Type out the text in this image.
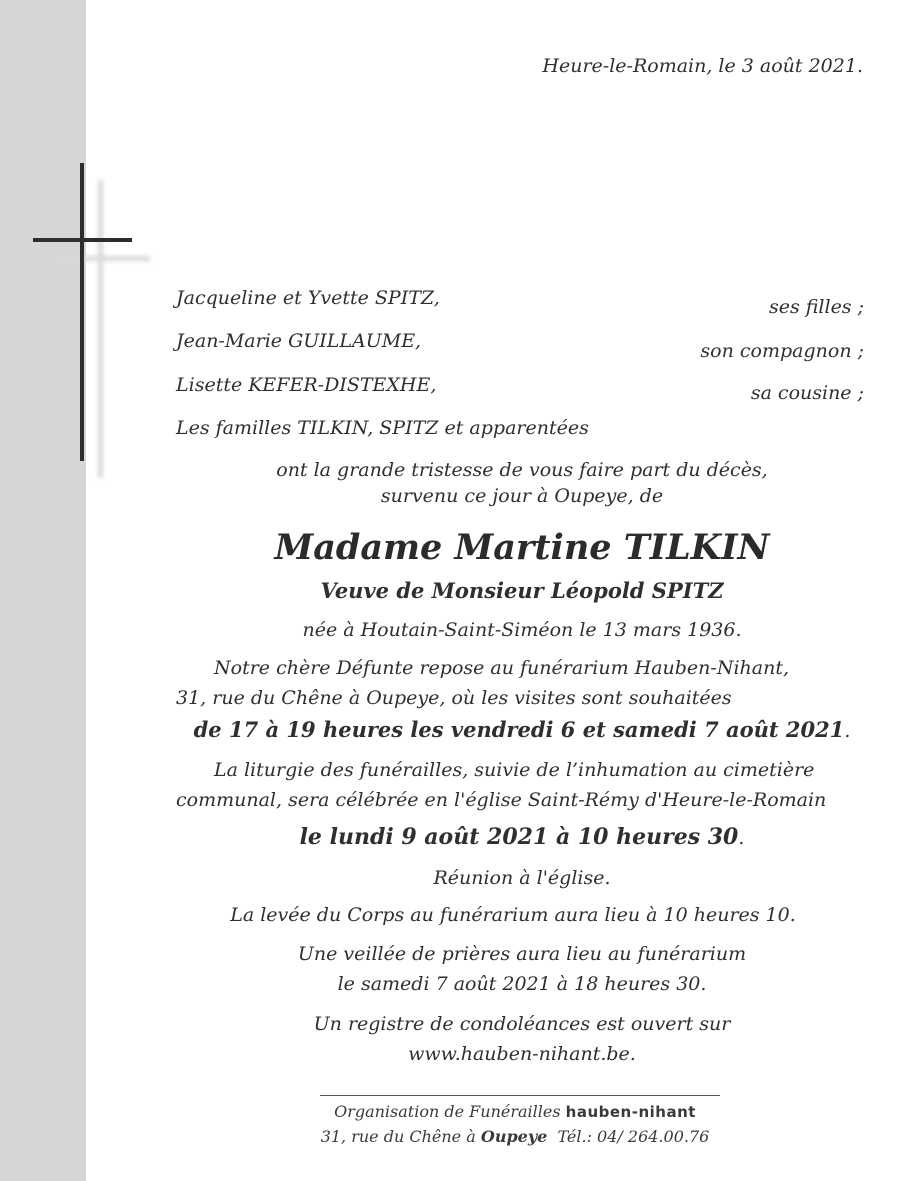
Heure-le-Romain, le 3 août 2021.
Jacqueline et Yvette SPITZ,	ses filles ;
Jean-Marie GUILLAUME,	son compagnon ;
Lisette KEFER-DISTEXHE,	sa cousine ;
Les familles TILKIN, SPITZ et apparentées
ont la grande tristesse de vous faire part du décès,
survenu ce jour à Oupeye, de
Madame Martine TILKIN
Veuve de Monsieur Léopold SPITZ
née à Houtain-Saint-Siméon le 13 mars 1936.
Notre chère Défunte repose au funérarium Hauben-Nihant,
31, rue du Chêne à Oupeye, où les visites sont souhaitées
de 17 à 19 heures les vendredi 6 et samedi 7 août 2021.
La liturgie des funérailles, suivie de l’inhumation au cimetière
communal, sera célébrée en l'église Saint-Rémy d'Heure-le-Romain
le lundi 9 août 2021 à 10 heures 30.
Réunion à l'église.
La levée du Corps au funérarium aura lieu à 10 heures 10.
Une veillée de prières aura lieu au funérarium
le samedi 7 août 2021 à 18 heures 30.
Un registre de condoléances est ouvert sur
www.hauben-nihant.be.
Organisation de Funérailles hauben-nihant
31, rue du Chêne à Oupeye Tél.: 04/ 264.00.76
